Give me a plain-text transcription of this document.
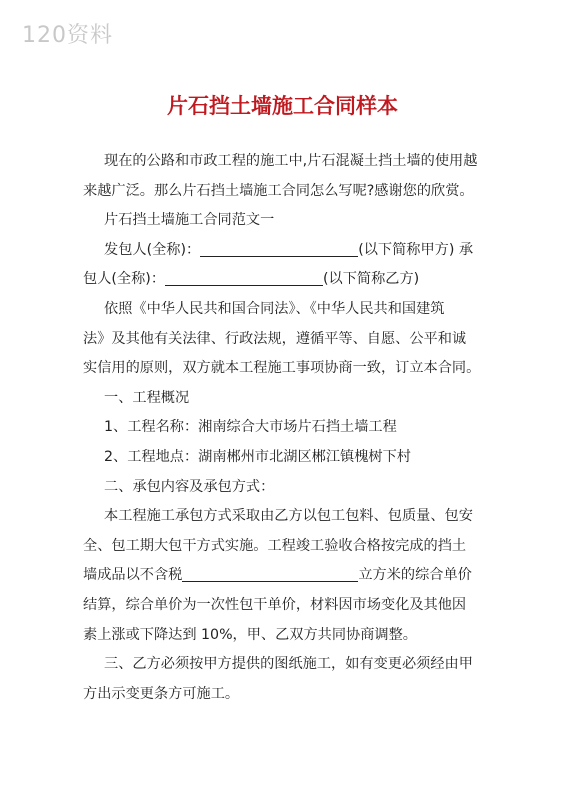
120资料
片石挡土墙施工合同样本

现在的公路和市政工程的施工中,片石混凝土挡土墙的使用越

来越广泛。那么片石挡土墙施工合同怎么写呢?感谢您的欣赏。

片石挡土墙施工合同范文一

发包人(全称)：	(以下简称甲方) 承

包人(全称)：	(以下简称乙方)

依照《中华人民共和国合同法》、《中华人民共和国建筑

法》及其他有关法律、行政法规，遵循平等、自愿、公平和诚

实信用的原则，双方就本工程施工事项协商一致，订立本合同。

一、工程概况

1、工程名称：湘南综合大市场片石挡土墙工程

2、工程地点：湖南郴州市北湖区郴江镇槐树下村

二、承包内容及承包方式：

本工程施工承包方式采取由乙方以包工包料、包质量、包安

全、包工期大包干方式实施。工程竣工验收合格按完成的挡土

墙成品以不含税	立方米的综合单价

结算，综合单价为一次性包干单价，材料因市场变化及其他因

素上涨或下降达到 10%，甲、乙双方共同协商调整。

三、乙方必须按甲方提供的图纸施工，如有变更必须经由甲

方出示变更条方可施工。
